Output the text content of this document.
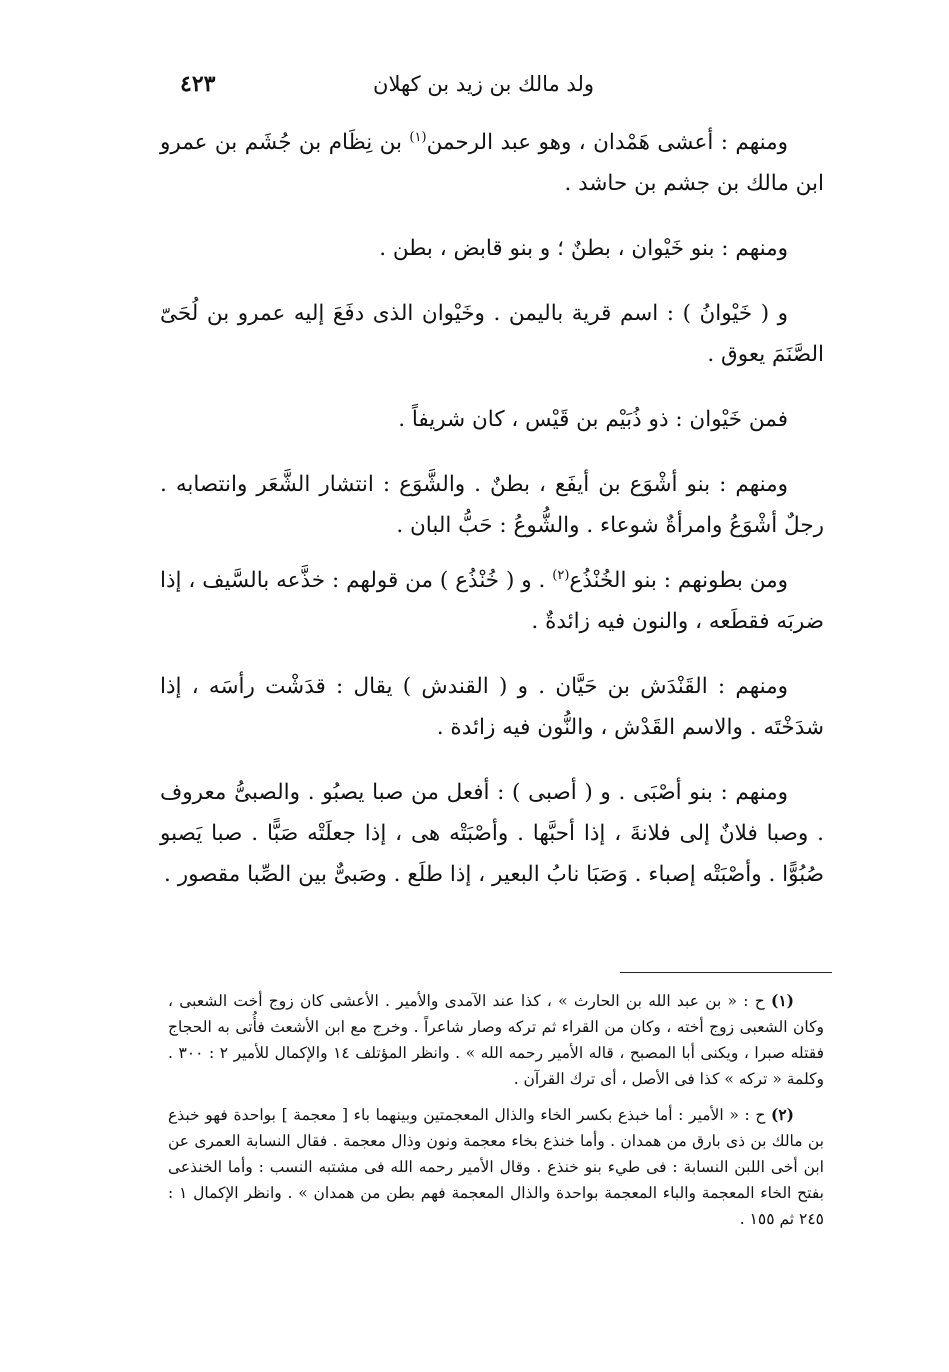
ولد مالك بن زيد بن كهلان
٤٢٣

ومنهم : أعشى هَمْدان ، وهو عبد الرحمن$^{(١)}$ بن نِظَام بن جُشَم بن عمرو ابن مالك بن جشم بن حاشد .

ومنهم : بنو خَيْوان ، بطنٌ ؛ و بنو قابض ، بطن .

و ( خَيْوانُ ) : اسم قرية باليمن . وخَيْوان الذى دفَعَ إليه عمرو بن لُحَىّ الصَّنَمَ يعوق .

فمن خَيْوان : ذو ذُبَيْم بن قَيْس ، كان شريفاً .

ومنهم : بنو أشْوَع بن أيفَع ، بطنٌ . والشَّوَع : انتشار الشَّعَر وانتصابه . رجلٌ أشْوَعُ وامرأةٌ شوعاء . والشُّوعُ : حَبُّ البان .

ومن بطونهم : بنو الخُنْذُع$^{(٢)}$ . و ( خُنْذُع ) من قولهم : خذَّعه بالسَّيف ، إذا ضربَه فقطَعه ، والنون فيه زائدةٌ .

ومنهم : القَنْدَش بن حَيَّان . و ( القندش ) يقال : قدَشْت رأسَه ، إذا شدَخْتَه . والاسم القَدْش ، والنُّون فيه زائدة .

ومنهم : بنو أصْبَى . و ( أصبى ) : أفعل من صبا يصبُو . والصبىُّ معروف . وصبا فلانٌ إلى فلانةَ ، إذا أحبَّها . وأصْبَتْه هى ، إذا جعلَتْه صَبًّا . صبا يَصبو صُبُوًّا . وأصْبَتْه إصباء . وَصَبَا نابُ البعير ، إذا طلَع . وصَبىٌّ بين الصِّبا مقصور .

(١) ح : « بن عبد الله بن الحارث » ، كذا عند الآمدى والأمير . الأعشى كان زوج أخت الشعبى ، وكان الشعبى زوج أخته ، وكان من القراء ثم تركه وصار شاعراً . وخرج مع ابن الأشعث فأُتى به الحجاج فقتله صبرا ، ويكنى أبا المصبح ، قاله الأمير رحمه الله » . وانظر المؤتلف ١٤ والإكمال للأمير ٢ : ٣٠٠ . وكلمة « تركه » كذا فى الأصل ، أى ترك القرآن .

(٢) ح : « الأمير : أما خبذع بكسر الخاء والذال المعجمتين وبينهما باء [ معجمة ] بواحدة فهو خبذع بن مالك بن ذى بارق من همدان . وأما خنذع بخاء معجمة ونون وذال معجمة . فقال النسابة العمرى عن ابن أخى اللبن النسابة : فى طيء بنو خنذع . وقال الأمير رحمه الله فى مشتبه النسب : وأما الخنذعى بفتح الخاء المعجمة والباء المعجمة بواحدة والذال المعجمة فهم بطن من همدان » . وانظر الإكمال ١ : ٢٤٥ ثم ١٥٥ .
